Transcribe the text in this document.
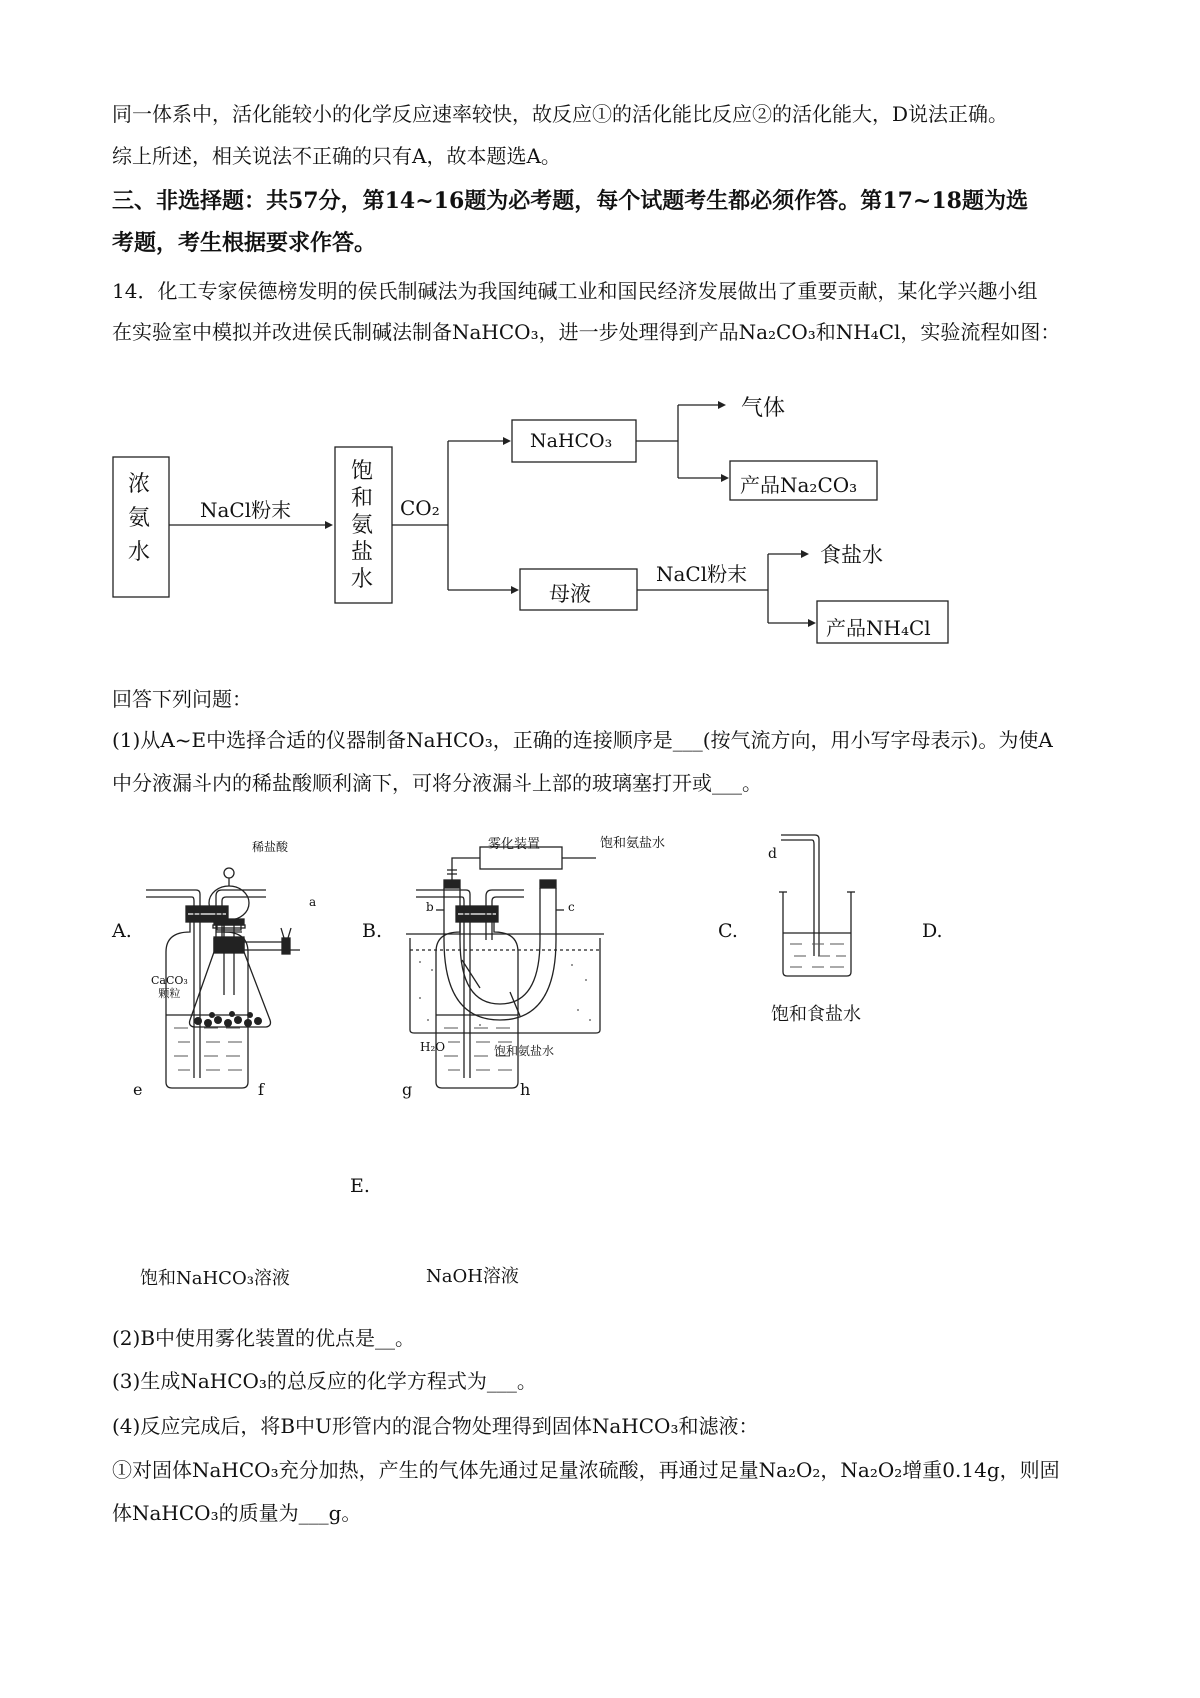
同一体系中，活化能较小的化学反应速率较快，故反应①的活化能比反应②的活化能大，D说法正确。
综上所述，相关说法不正确的只有A，故本题选A。
三、非选择题：共57分，第14~16题为必考题，每个试题考生都必须作答。第17~18题为选
考题，考生根据要求作答。
14．化工专家侯德榜发明的侯氏制碱法为我国纯碱工业和国民经济发展做出了重要贡献，某化学兴趣小组
在实验室中模拟并改进侯氏制碱法制备NaHCO₃，进一步处理得到产品Na₂CO₃和NH₄Cl，实验流程如图：
浓
氨
水
NaCl粉末
饱
和
氨
盐
水
CO₂
NaHCO₃
气体
产品Na₂CO₃
母液
NaCl粉末
食盐水
产品NH₄Cl
回答下列问题：
(1)从A~E中选择合适的仪器制备NaHCO₃，正确的连接顺序是___(按气流方向，用小写字母表示)。为使A
中分液漏斗内的稀盐酸顺利滴下，可将分液漏斗上部的玻璃塞打开或___。
A.
稀盐酸
a
CaCO₃
颗粒
B.
雾化装置	饱和氨盐水
b	c
H₂O	饱和氨盐水
C.
d
饱和食盐水
D.
e	f
饱和NaHCO₃溶液
E.
g	h
NaOH溶液
(2)B中使用雾化装置的优点是__。
(3)生成NaHCO₃的总反应的化学方程式为___。
(4)反应完成后，将B中U形管内的混合物处理得到固体NaHCO₃和滤液：
①对固体NaHCO₃充分加热，产生的气体先通过足量浓硫酸，再通过足量Na₂O₂，Na₂O₂增重0.14g，则固
体NaHCO₃的质量为___g。
